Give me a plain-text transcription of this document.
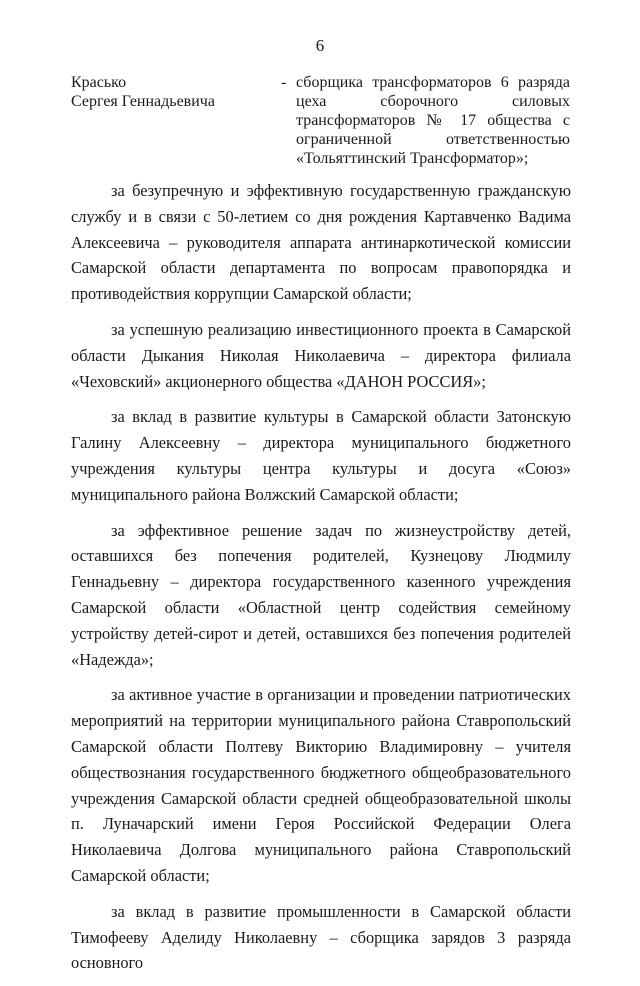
6
Красько
Сергея Геннадьевича
- сборщика трансформаторов 6 разряда цеха сборочного силовых трансформаторов № 17 общества с ограниченной ответственностью «Тольяттинский Трансформатор»;

за безупречную и эффективную государственную гражданскую службу и в связи с 50-летием со дня рождения Картавченко Вадима Алексеевича – руководителя аппарата антинаркотической комиссии Самарской области департамента по вопросам правопорядка и противодействия коррупции Самарской области;

за успешную реализацию инвестиционного проекта в Самарской области Дыкания Николая Николаевича – директора филиала «Чеховский» акционерного общества «ДАНОН РОССИЯ»;

за вклад в развитие культуры в Самарской области Затонскую Галину Алексеевну – директора муниципального бюджетного учреждения культуры центра культуры и досуга «Союз» муниципального района Волжский Самарской области;

за эффективное решение задач по жизнеустройству детей, оставшихся без попечения родителей, Кузнецову Людмилу Геннадьевну – директора государственного казенного учреждения Самарской области «Областной центр содействия семейному устройству детей-сирот и детей, оставшихся без попечения родителей «Надежда»;

за активное участие в организации и проведении патриотических мероприятий на территории муниципального района Ставропольский Самарской области Полтеву Викторию Владимировну – учителя обществознания государственного бюджетного общеобразовательного учреждения Самарской области средней общеобразовательной школы п. Луначарский имени Героя Российской Федерации Олега Николаевича Долгова муниципального района Ставропольский Самарской области;

за вклад в развитие промышленности в Самарской области Тимофееву Аделиду Николаевну – сборщика зарядов 3 разряда основного
